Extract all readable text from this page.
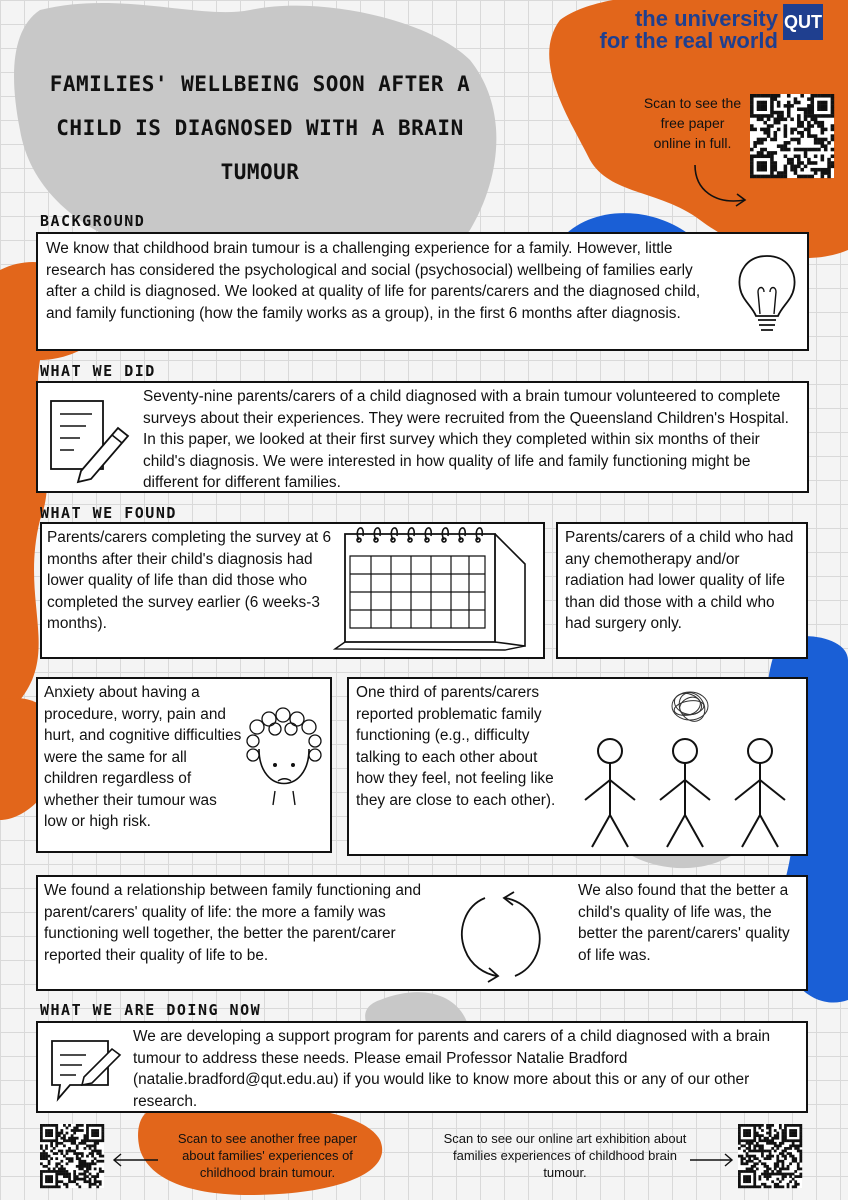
FAMILIES' WELLBEING SOON AFTER A CHILD IS DIAGNOSED WITH A BRAIN TUMOUR
the university
for the real world
QUT
Scan to see the free paper online in full.
BACKGROUND
We know that childhood brain tumour is a challenging experience for a family. However, little research has considered the psychological and social (psychosocial) wellbeing of families early after a child is diagnosed. We looked at quality of life for parents/carers and the diagnosed child, and family functioning (how the family works as a group), in the first 6 months after diagnosis.
WHAT WE DID
Seventy-nine parents/carers of a child diagnosed with a brain tumour volunteered to complete surveys about their experiences. They were recruited from the Queensland Children's Hospital. In this paper, we looked at their first survey which they completed within six months of their child's diagnosis. We were interested in how quality of life and family functioning might be different for different families.
WHAT WE FOUND
Parents/carers completing the survey at 6 months after their child's diagnosis had lower quality of life than did those who completed the survey earlier (6 weeks-3 months).
Parents/carers of a child who had any chemotherapy and/or radiation had lower quality of life than did those with a child who had surgery only.
Anxiety about having a procedure, worry, pain and hurt, and cognitive difficulties were the same for all children regardless of whether their tumour was low or high risk.
One third of parents/carers reported problematic family functioning (e.g., difficulty talking to each other about how they feel, not feeling like they are close to each other).
We found a relationship between family functioning and parent/carers' quality of life: the more a family was functioning well together, the better the parent/carer reported their quality of life to be.
We also found that the better a child's quality of life was, the better the parent/carers' quality of life was.
WHAT WE ARE DOING NOW
We are developing a support program for parents and carers of a child diagnosed with a brain tumour to address these needs. Please email Professor Natalie Bradford (natalie.bradford@qut.edu.au) if you would like to know more about this or any of our other research.
Scan to see another free paper about families' experiences of childhood brain tumour.
Scan to see our online art exhibition about families experiences of childhood brain tumour.
